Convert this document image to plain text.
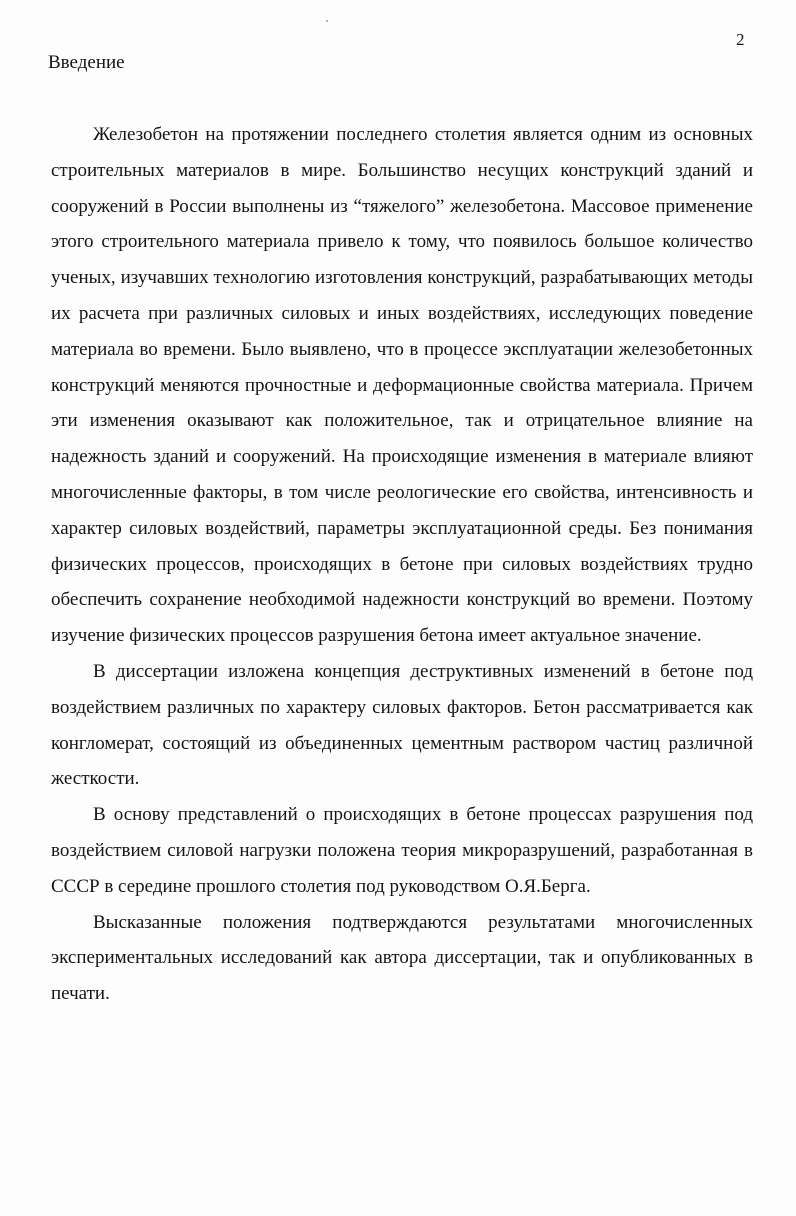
2
Введение

Железобетон на протяжении последнего столетия является одним из основных строительных материалов в мире. Большинство несущих конструкций зданий и сооружений в России выполнены из “тяжелого” железобетона. Массовое применение этого строительного материала привело к тому, что появилось большое количество ученых, изучавших технологию изготовления конструкций, разрабатывающих методы их расчета при различных силовых и иных воздействиях, исследующих поведение материала во времени. Было выявлено, что в процессе эксплуатации железобетонных конструкций меняются прочностные и деформационные свойства материала. Причем эти изменения оказывают как положительное, так и отрицательное влияние на надежность зданий и сооружений. На происходящие изменения в материале влияют многочисленные факторы, в том числе реологические его свойства, интенсивность и характер силовых воздействий, параметры эксплуатационной среды. Без понимания физических процессов, происходящих в бетоне при силовых воздействиях трудно обеспечить сохранение необходимой надежности конструкций во времени. Поэтому изучение физических процессов разрушения бетона имеет актуальное значение.

В диссертации изложена концепция деструктивных изменений в бетоне под воздействием различных по характеру силовых факторов. Бетон рассматривается как конгломерат, состоящий из объединенных цементным раствором частиц различной жесткости.

В основу представлений о происходящих в бетоне процессах разрушения под воздействием силовой нагрузки положена теория микроразрушений, разработанная в СССР в середине прошлого столетия под руководством О.Я.Берга.

Высказанные положения подтверждаются результатами многочисленных экспериментальных исследований как автора диссертации, так и опубликованных в печати.
